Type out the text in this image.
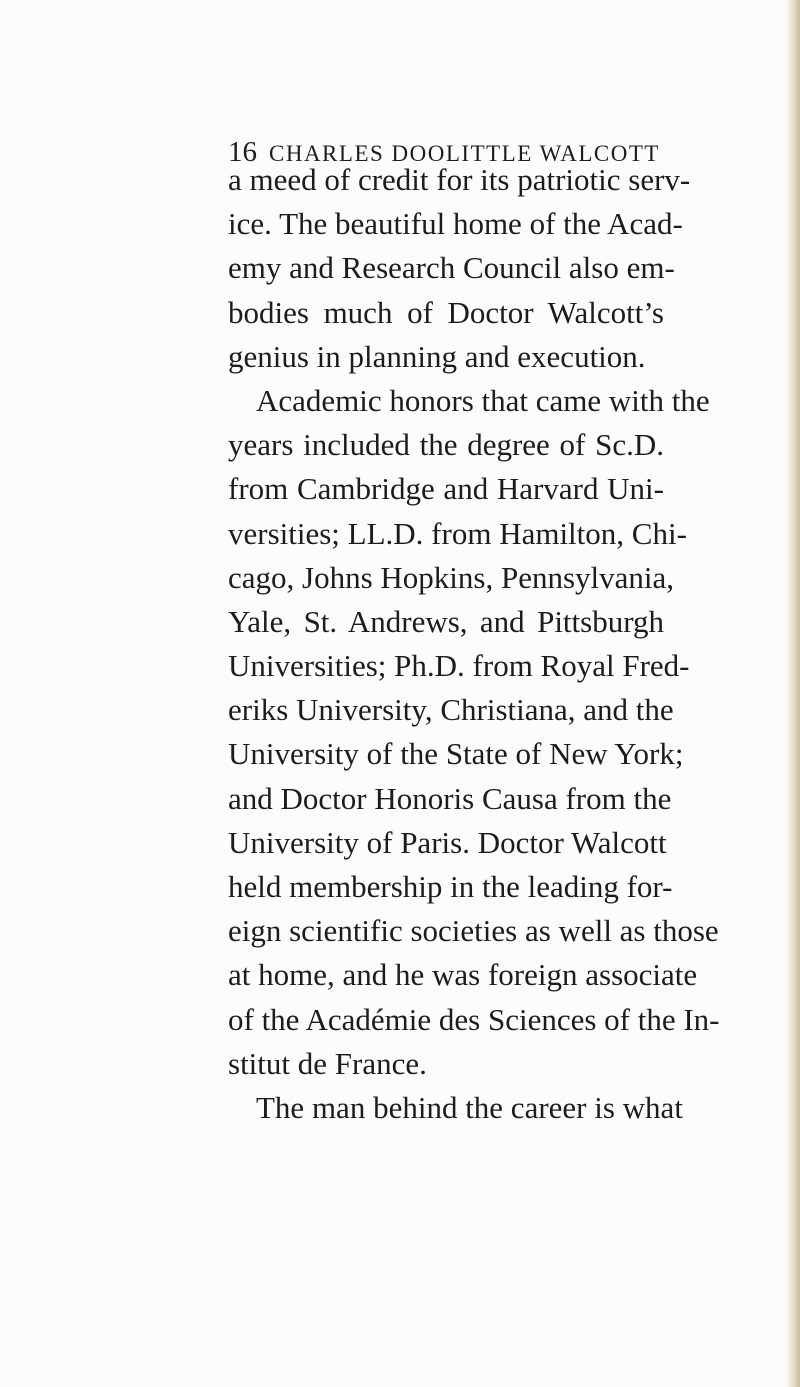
16 CHARLES DOOLITTLE WALCOTT
a meed of credit for its patriotic serv-
ice. The beautiful home of the Acad-
emy and Research Council also em-
bodies much of Doctor Walcott’s
genius in planning and execution.
Academic honors that came with the
years included the degree of Sc.D.
from Cambridge and Harvard Uni-
versities; LL.D. from Hamilton, Chi-
cago, Johns Hopkins, Pennsylvania,
Yale, St. Andrews, and Pittsburgh
Universities; Ph.D. from Royal Fred-
eriks University, Christiana, and the
University of the State of New York;
and Doctor Honoris Causa from the
University of Paris. Doctor Walcott
held membership in the leading for-
eign scientific societies as well as those
at home, and he was foreign associate
of the Académie des Sciences of the In-
stitut de France.
The man behind the career is what
